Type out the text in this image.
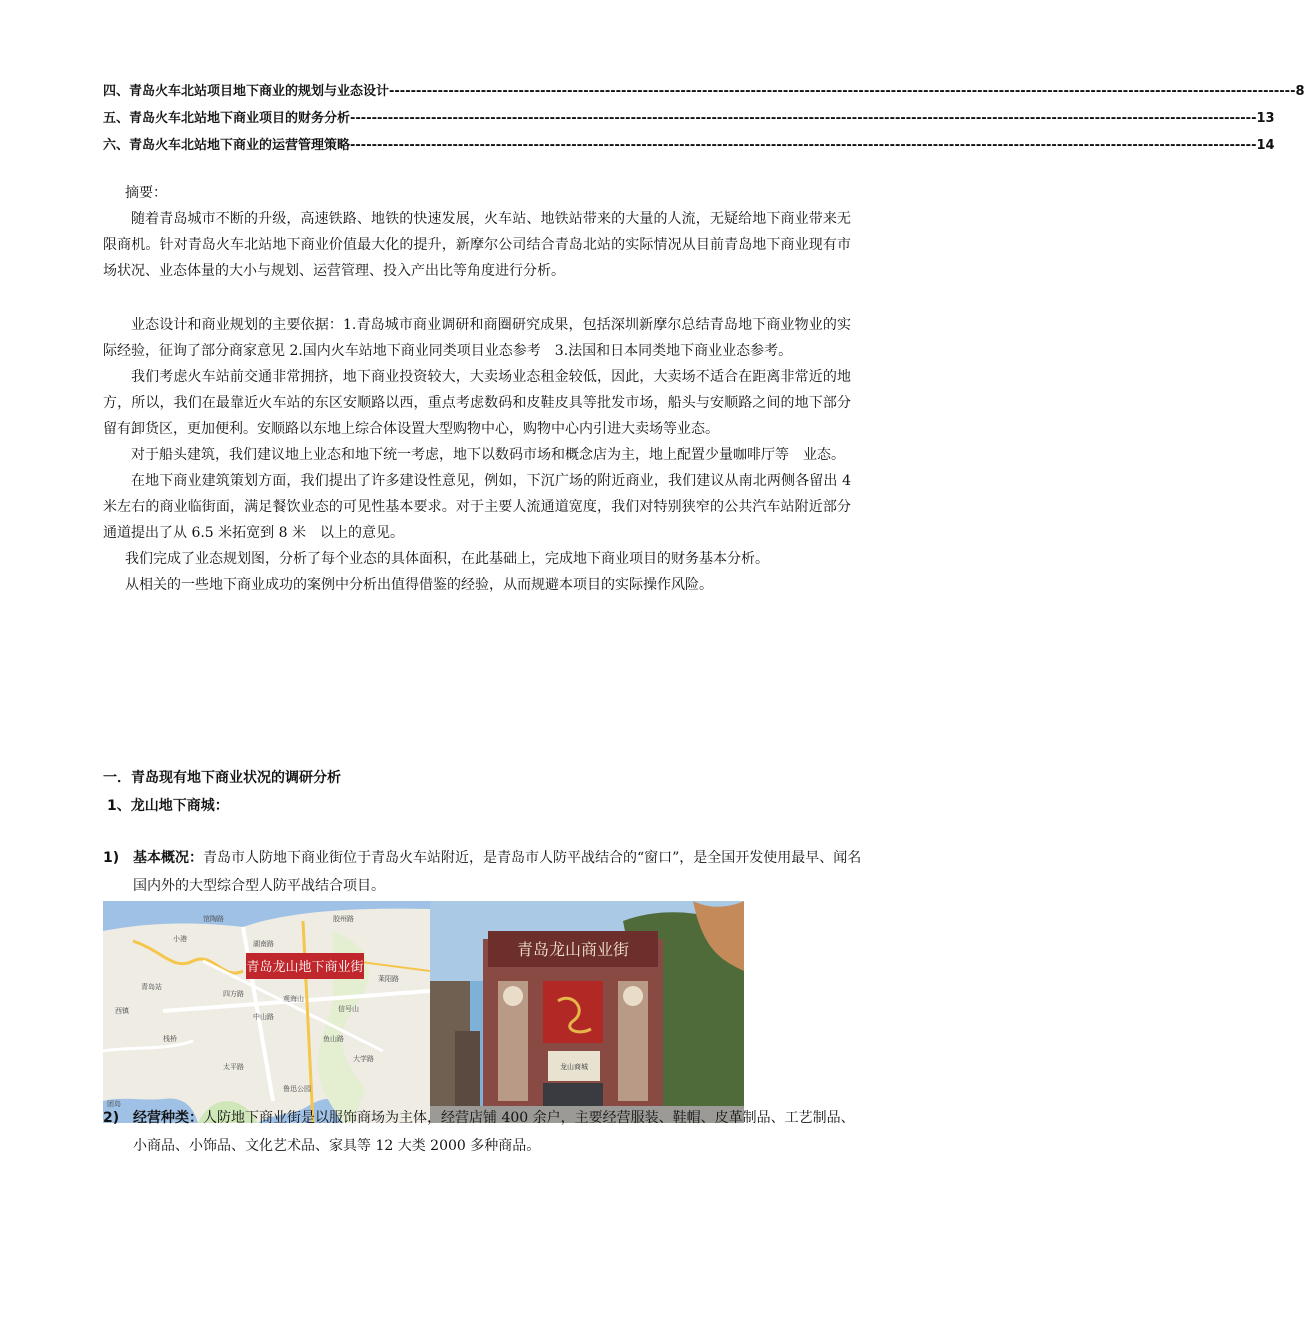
四、青岛火车北站项目地下商业的规划与业态设计 ------------------------------------------------------------------------------------------------------------------------------------------------------------------------ 8
五、青岛火车北站地下商业项目的财务分析 ------------------------------------------------------------------------------------------------------------------------------------------------------------------------ 13
六、青岛火车北站地下商业的运营管理策略 ------------------------------------------------------------------------------------------------------------------------------------------------------------------------ 14

摘要：

随着青岛城市不断的升级，高速铁路、地铁的快速发展，火车站、地铁站带来的大量的人流，无疑给地下商业带来无限商机。针对青岛火车北站地下商业价值最大化的提升，新摩尔公司结合青岛北站的实际情况从目前青岛地下商业现有市场状况、业态体量的大小与规划、运营管理、投入产出比等角度进行分析。

业态设计和商业规划的主要依据：1.青岛城市商业调研和商圈研究成果，包括深圳新摩尔总结青岛地下商业物业的实际经验，征询了部分商家意见 2.国内火车站地下商业同类项目业态参考　3.法国和日本同类地下商业业态参考。

我们考虑火车站前交通非常拥挤，地下商业投资较大，大卖场业态租金较低，因此，大卖场不适合在距离非常近的地方，所以，我们在最靠近火车站的东区安顺路以西，重点考虑数码和皮鞋皮具等批发市场，船头与安顺路之间的地下部分留有卸货区，更加便利。安顺路以东地上综合体设置大型购物中心，购物中心内引进大卖场等业态。

对于船头建筑，我们建议地上业态和地下统一考虑，地下以数码市场和概念店为主，地上配置少量咖啡厅等　业态。

在地下商业建筑策划方面，我们提出了许多建设性意见，例如，下沉广场的附近商业，我们建议从南北两侧各留出 4 米左右的商业临街面，满足餐饮业态的可见性基本要求。对于主要人流通道宽度，我们对特别狭窄的公共汽车站附近部分通道提出了从 6.5 米拓宽到 8 米　以上的意见。

我们完成了业态规划图，分析了每个业态的具体面积，在此基础上，完成地下商业项目的财务基本分析。

从相关的一些地下商业成功的案例中分析出值得借鉴的经验，从而规避本项目的实际操作风险。

一．青岛现有地下商业状况的调研分析

1、龙山地下商城：

1) 基本概况：青岛市人防地下商业街位于青岛火车站附近，是青岛市人防平战结合的“窗口”，是全国开发使用最早、闻名国内外的大型综合型人防平战结合项目。
青岛龙山地下商业街
青岛站
西镇
中山路
栈桥
小港
太平路
观海山
信号山
鱼山路
大学路
湖南路
馆陶路
四方路
胶州路
莱阳路
鲁迅公园
团岛
青岛龙山商业街
龙山商城
2) 经营种类：人防地下商业街是以服饰商场为主体，经营店铺 400 余户，主要经营服装、鞋帽、皮革制品、工艺制品、小商品、小饰品、文化艺术品、家具等 12 大类 2000 多种商品。
